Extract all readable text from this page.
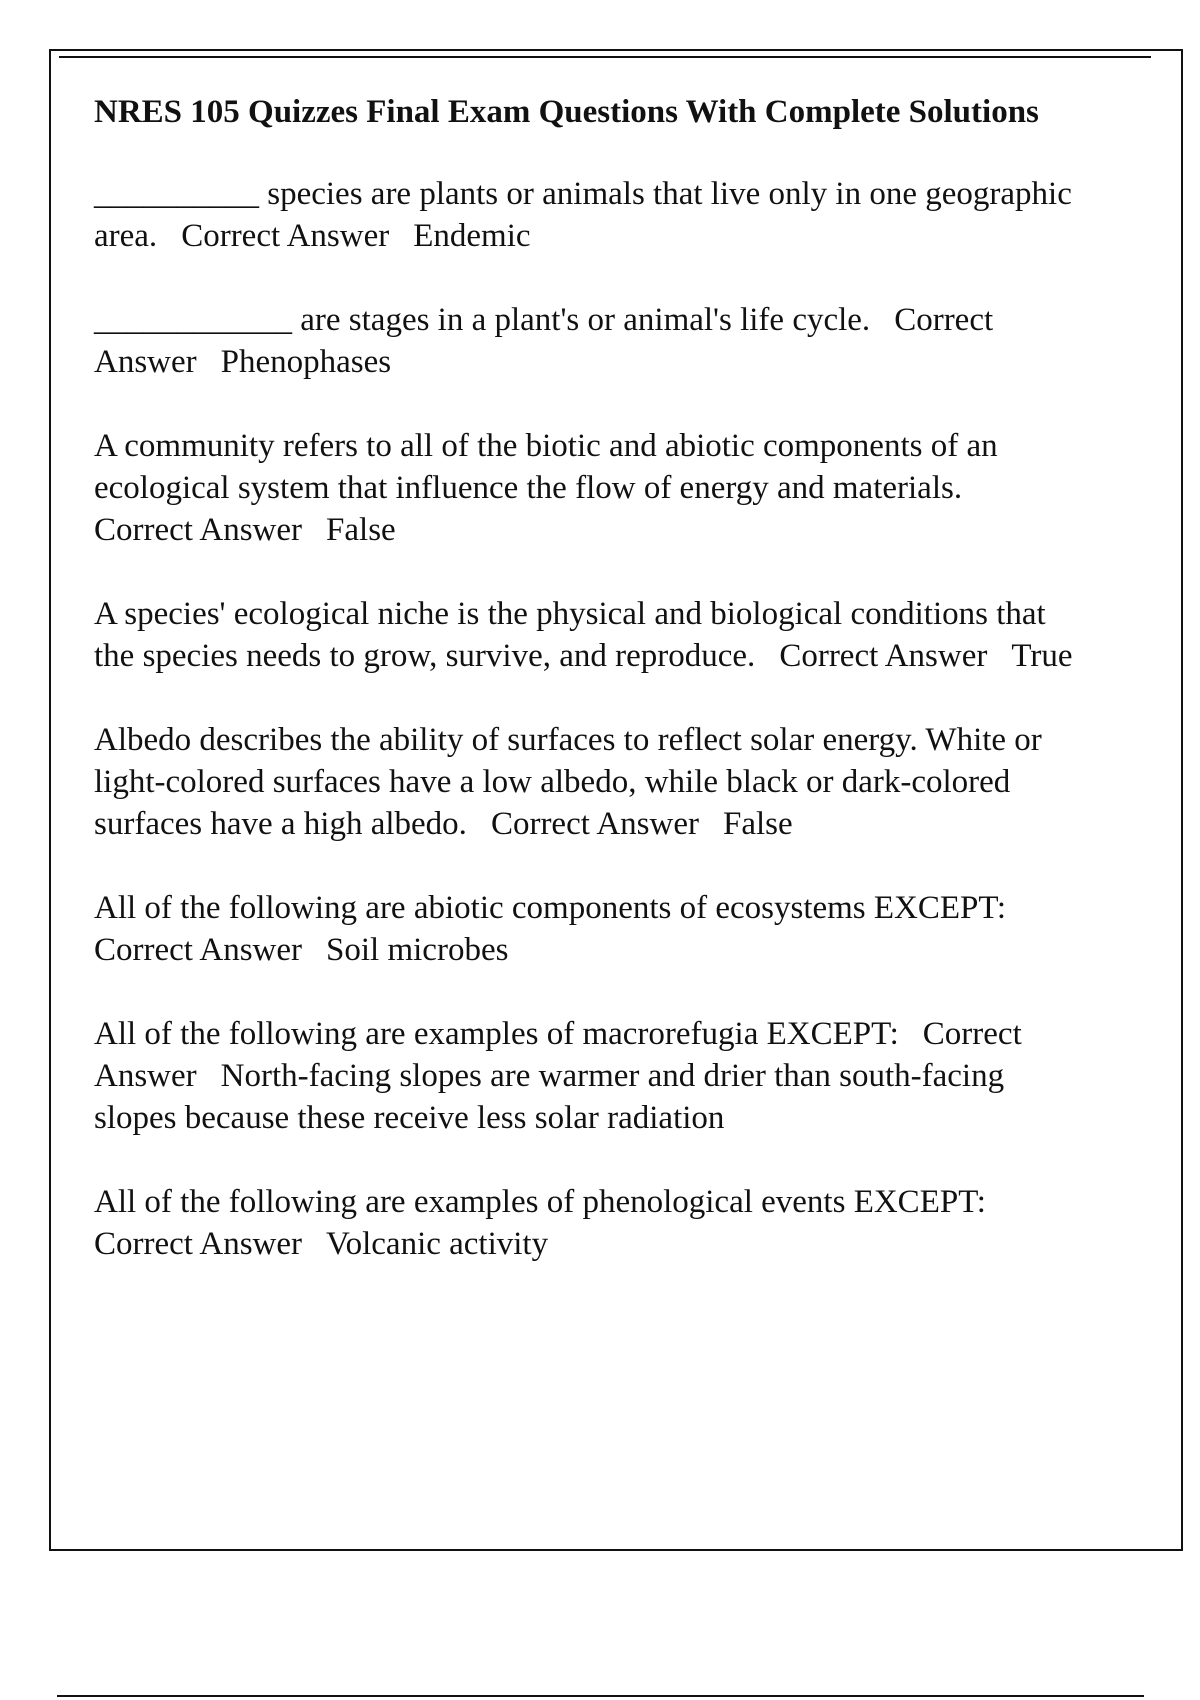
NRES 105 Quizzes Final Exam Questions With Complete Solutions
__________ species are plants or animals that live only in one geographic area. Correct Answer Endemic
____________ are stages in a plant's or animal's life cycle. Correct Answer Phenophases
A community refers to all of the biotic and abiotic components of an ecological system that influence the flow of energy and materials.Correct Answer False
A species' ecological niche is the physical and biological conditions that the species needs to grow, survive, and reproduce. Correct Answer True
Albedo describes the ability of surfaces to reflect solar energy. White or light-colored surfaces have a low albedo, while black or dark-colored surfaces have a high albedo. Correct Answer False
All of the following are abiotic components of ecosystems EXCEPT:Correct Answer Soil microbes
All of the following are examples of macrorefugia EXCEPT: Correct Answer North-facing slopes are warmer and drier than south-facing slopes because these receive less solar radiation
All of the following are examples of phenological events EXCEPT:Correct Answer Volcanic activity
